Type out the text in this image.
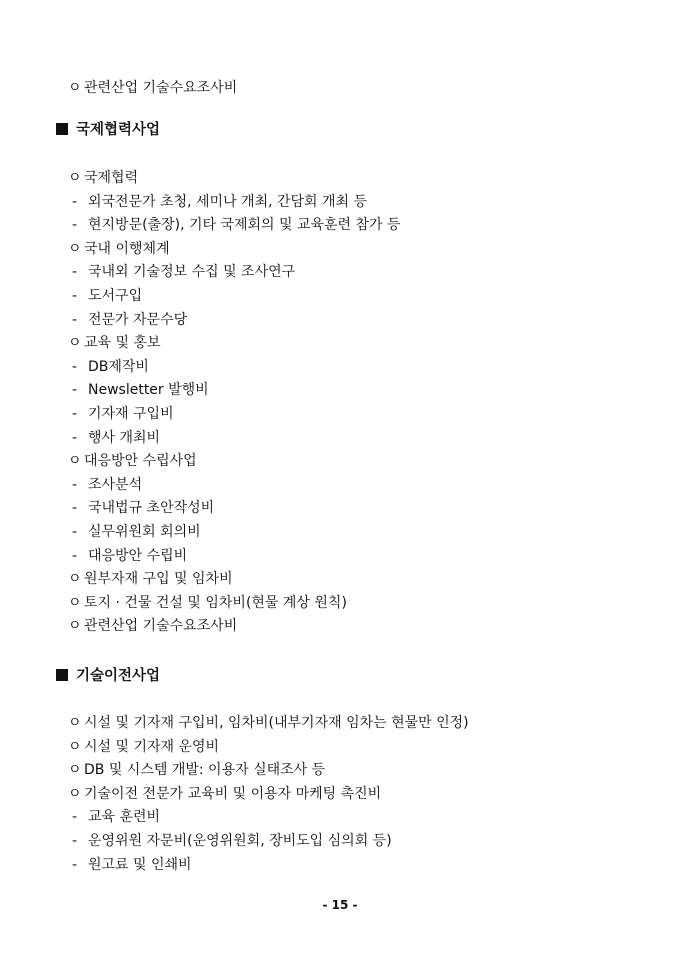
ㅇ 관련산업 기술수요조사비
국제협력사업
ㅇ 국제협력
- 외국전문가 초청, 세미나 개최, 간담회 개최 등
- 현지방문(출장), 기타 국제회의 및 교육훈련 참가 등
ㅇ 국내 이행체계
- 국내외 기술정보 수집 및 조사연구
- 도서구입
- 전문가 자문수당
ㅇ 교육 및 홍보
- DB제작비
- Newsletter 발행비
- 기자재 구입비
- 행사 개최비
ㅇ 대응방안 수립사업
- 조사분석
- 국내법규 초안작성비
- 실무위원회 회의비
- 대응방안 수립비
ㅇ 원부자재 구입 및 임차비
ㅇ 토지 · 건물 건설 및 임차비(현물 계상 원칙)
ㅇ 관련산업 기술수요조사비
기술이전사업
ㅇ 시설 및 기자재 구입비, 임차비(내부기자재 임차는 현물만 인정)
ㅇ 시설 및 기자재 운영비
ㅇ DB 및 시스템 개발: 이용자 실태조사 등
ㅇ 기술이전 전문가 교육비 및 이용자 마케팅 촉진비
- 교육 훈련비
- 운영위원 자문비(운영위원회, 장비도입 심의회 등)
- 원고료 및 인쇄비
- 15 -
